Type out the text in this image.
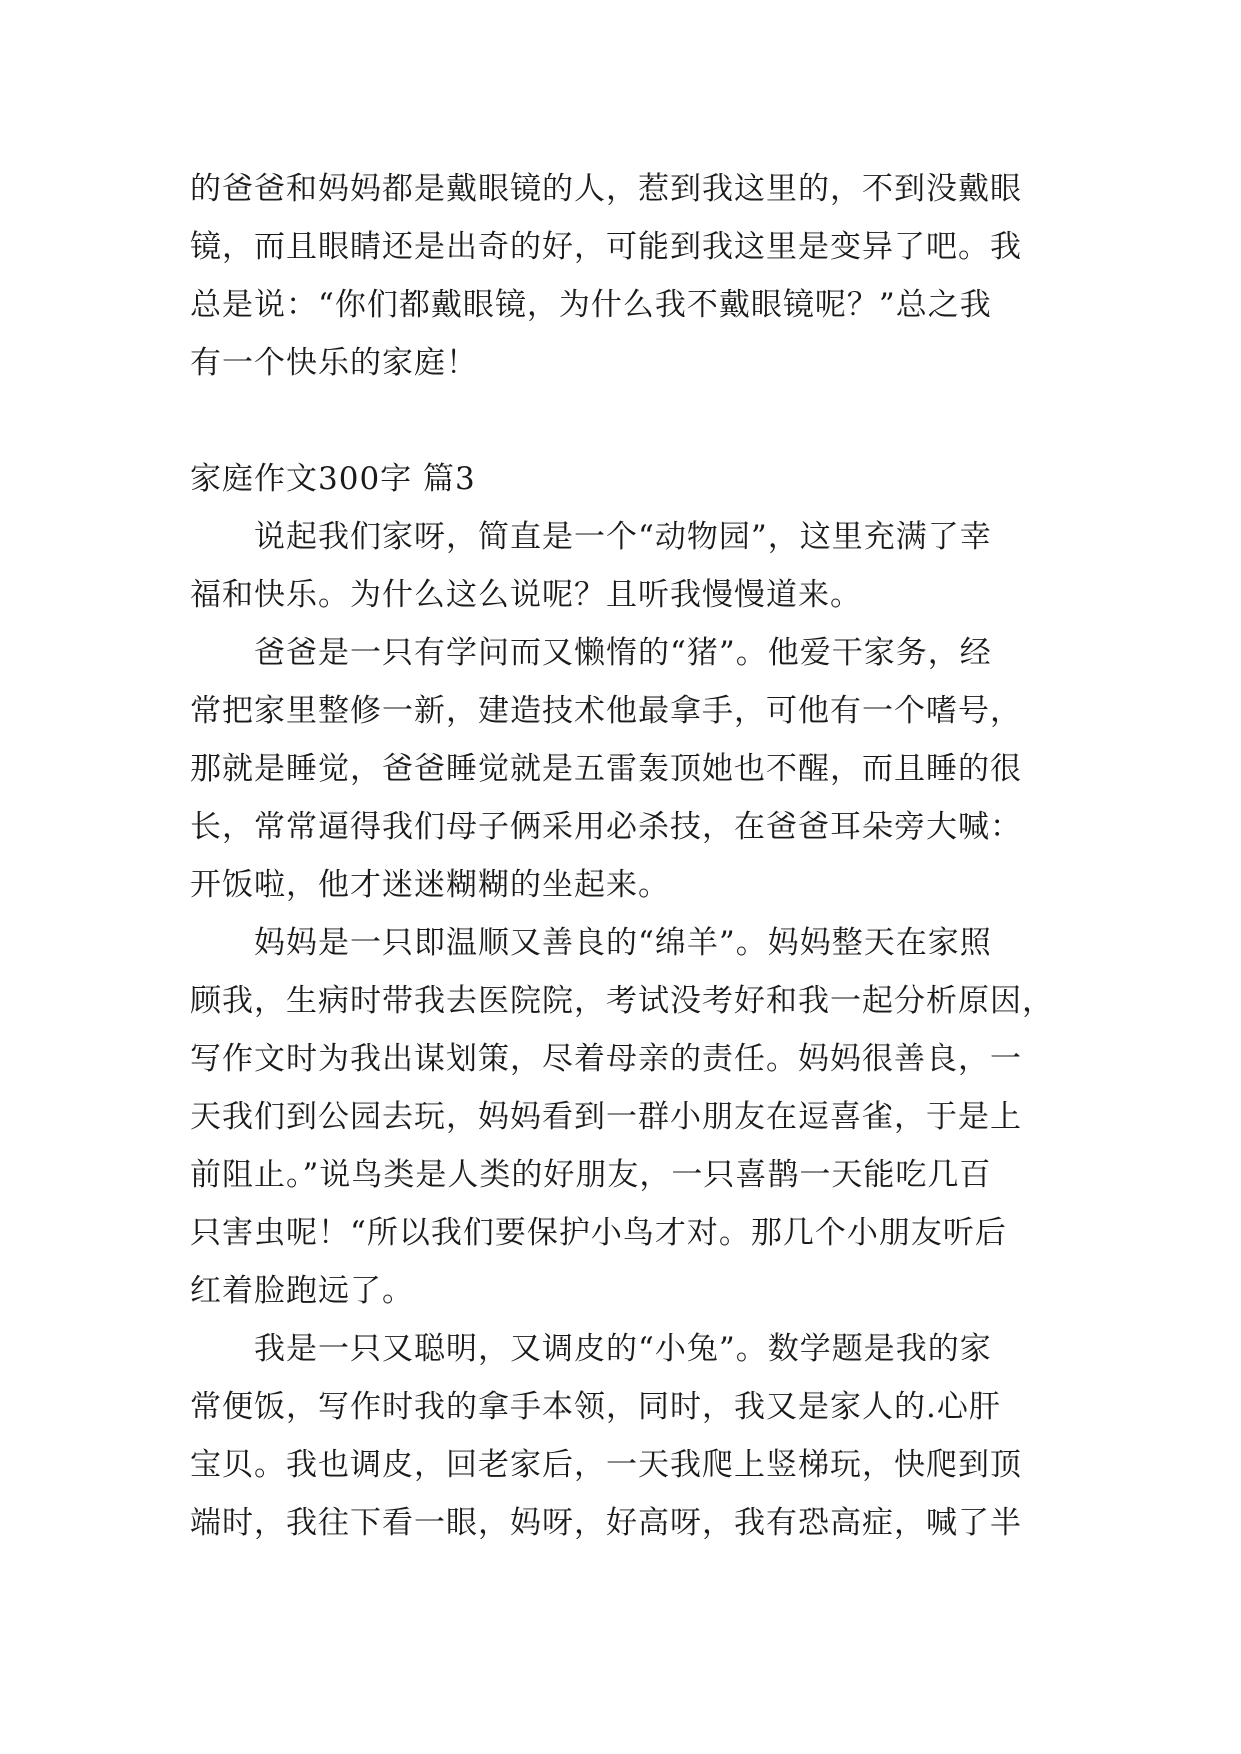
的爸爸和妈妈都是戴眼镜的人，惹到我这里的，不到没戴眼
镜，而且眼睛还是出奇的好，可能到我这里是变异了吧。我
总是说：“你们都戴眼镜，为什么我不戴眼镜呢？”总之我
有一个快乐的家庭！
家庭作文300字 篇3
说起我们家呀，简直是一个“动物园”，这里充满了幸
福和快乐。为什么这么说呢？且听我慢慢道来。
爸爸是一只有学问而又懒惰的“猪”。他爱干家务，经
常把家里整修一新，建造技术他最拿手，可他有一个嗜号，
那就是睡觉，爸爸睡觉就是五雷轰顶她也不醒，而且睡的很
长，常常逼得我们母子俩采用必杀技，在爸爸耳朵旁大喊：
开饭啦，他才迷迷糊糊的坐起来。
妈妈是一只即温顺又善良的“绵羊”。妈妈整天在家照
顾我，生病时带我去医院院，考试没考好和我一起分析原因，
写作文时为我出谋划策，尽着母亲的责任。妈妈很善良，一
天我们到公园去玩，妈妈看到一群小朋友在逗喜雀，于是上
前阻止。”说鸟类是人类的好朋友，一只喜鹊一天能吃几百
只害虫呢！“所以我们要保护小鸟才对。那几个小朋友听后
红着脸跑远了。
我是一只又聪明，又调皮的“小兔”。数学题是我的家
常便饭，写作时我的拿手本领，同时，我又是家人的.心肝
宝贝。我也调皮，回老家后，一天我爬上竖梯玩，快爬到顶
端时，我往下看一眼，妈呀，好高呀，我有恐高症，喊了半
